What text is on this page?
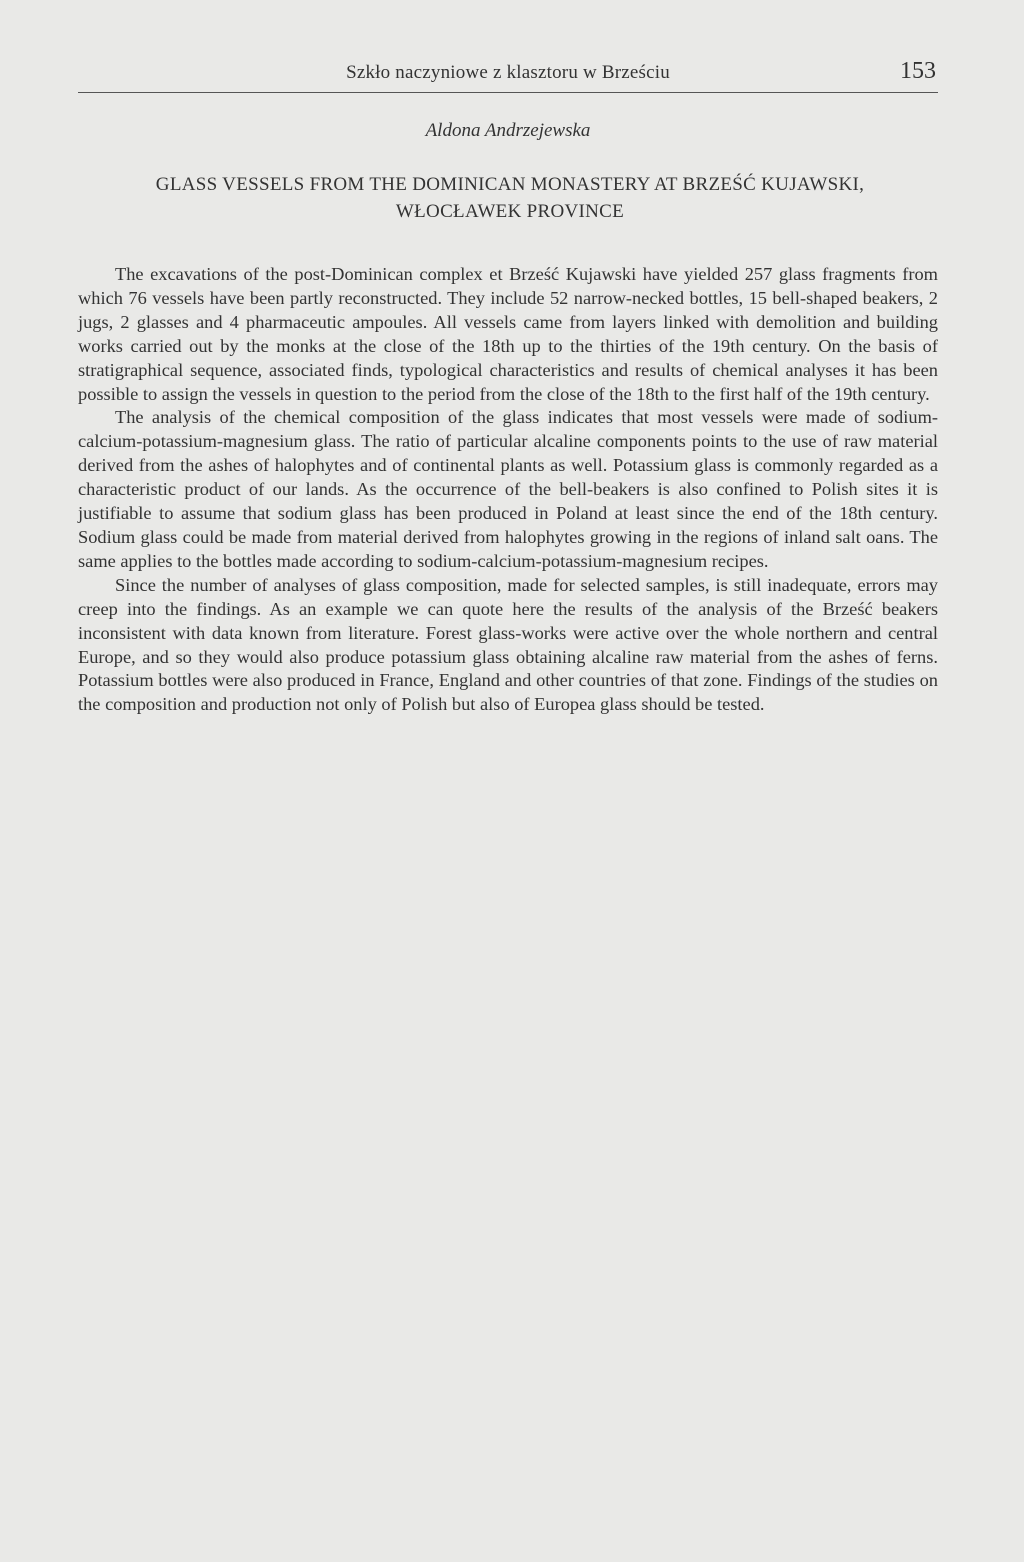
Szkło naczyniowe z klasztoru w Brześciu	153
Aldona Andrzejewska
GLASS VESSELS FROM THE DOMINICAN MONASTERY AT BRZEŚĆ KUJAWSKI,
WŁOCŁAWEK PROVINCE

The excavations of the post-Dominican complex et Brześć Kujawski have yielded 257 glass fragments from which 76 vessels have been partly reconstructed. They include 52 narrow-necked bottles, 15 bell-shaped beakers, 2 jugs, 2 glasses and 4 pharmaceutic ampoules. All vessels came from layers linked with demolition and building works carried out by the monks at the close of the 18th up to the thirties of the 19th century. On the basis of stratigraphical sequence, associated finds, typological characteristics and results of chemical analyses it has been possible to assign the vessels in question to the period from the close of the 18th to the first half of the 19th century.

The analysis of the chemical composition of the glass indicates that most vessels were made of sodium-calcium-potassium-magnesium glass. The ratio of particular alcaline components points to the use of raw material derived from the ashes of halophytes and of continental plants as well. Potassium glass is commonly regarded as a characteristic product of our lands. As the occurrence of the bell-beakers is also confined to Polish sites it is justifiable to assume that sodium glass has been produced in Poland at least since the end of the 18th century. Sodium glass could be made from material derived from halophytes growing in the regions of inland salt oans. The same applies to the bottles made according to sodium-calcium-potassium-magnesium recipes.

Since the number of analyses of glass composition, made for selected samples, is still inadequate, errors may creep into the findings. As an example we can quote here the results of the analysis of the Brześć beakers inconsistent with data known from literature. Forest glass-works were active over the whole northern and central Europe, and so they would also produce potassium glass obtaining alcaline raw material from the ashes of ferns. Potassium bottles were also produced in France, England and other countries of that zone. Findings of the studies on the composition and production not only of Polish but also of Europea glass should be tested.
